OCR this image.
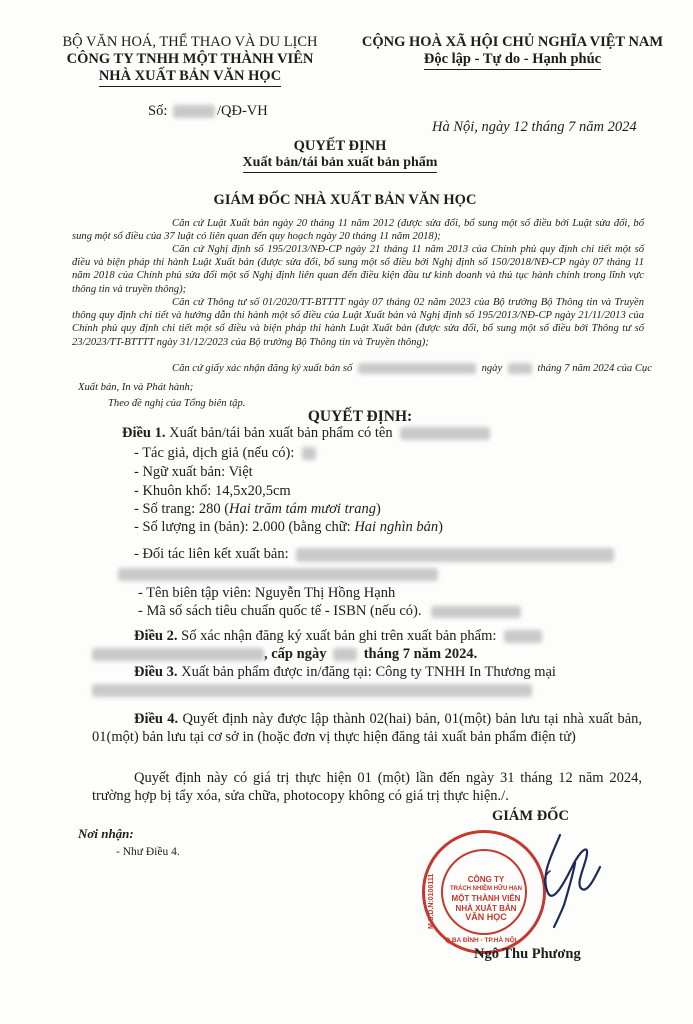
BỘ VĂN HOÁ, THỂ THAO VÀ DU LỊCH
CÔNG TY TNHH MỘT THÀNH VIÊN
NHÀ XUẤT BẢN VĂN HỌC
CỘNG HOÀ XÃ HỘI CHỦ NGHĨA VIỆT NAM
Độc lập - Tự do - Hạnh phúc
Số:	/QĐ-VH
Hà Nội, ngày 12 tháng 7 năm 2024
QUYẾT ĐỊNH
Xuất bản/tái bản xuất bản phẩm
GIÁM ĐỐC NHÀ XUẤT BẢN VĂN HỌC
Căn cứ Luật Xuất bản ngày 20 tháng 11 năm 2012 (được sửa đổi, bổ sung một số điều bởi Luật sửa đổi, bổ sung một số điều của 37 luật có liên quan đến quy hoạch ngày 20 tháng 11 năm 2018);
Căn cứ Nghị định số 195/2013/NĐ-CP ngày 21 tháng 11 năm 2013 của Chính phủ quy định chi tiết một số điều và biện pháp thi hành Luật Xuất bản (được sửa đổi, bổ sung một số điều bởi Nghị định số 150/2018/NĐ-CP ngày 07 tháng 11 năm 2018 của Chính phủ sửa đổi một số Nghị định liên quan đến điều kiện đầu tư kinh doanh và thủ tục hành chính trong lĩnh vực thông tin và truyền thông);
Căn cứ Thông tư số 01/2020/TT-BTTTT ngày 07 tháng 02 năm 2023 của Bộ trưởng Bộ Thông tin và Truyền thông quy định chi tiết và hướng dẫn thi hành một số điều của Luật Xuất bản và Nghị định số 195/2013/NĐ-CP ngày 21/11/2013 của Chính phủ quy định chi tiết một số điều và biện pháp thi hành Luật Xuất bản (được sửa đổi, bổ sung một số điều bởi Thông tư số 23/2023/TT-BTTTT ngày 31/12/2023 của Bộ trưởng Bộ Thông tin và Truyền thông);
Căn cứ giấy xác nhận đăng ký xuất bản số	ngày	tháng 7 năm 2024 của Cục
Xuất bản, In và Phát hành;
Theo đề nghị của Tổng biên tập.
QUYẾT ĐỊNH:
Điều 1. Xuất bản/tái bản xuất bản phẩm có tên
- Tác giả, dịch giả (nếu có):
- Ngữ xuất bản: Việt
- Khuôn khổ: 14,5x20,5cm
- Số trang: 280 (Hai trăm tám mươi trang)
- Số lượng in (bản): 2.000 (bằng chữ: Hai nghìn bản)
- Đối tác liên kết xuất bản:
- Tên biên tập viên: Nguyễn Thị Hồng Hạnh
- Mã số sách tiêu chuẩn quốc tế - ISBN (nếu có).
Điều 2. Số xác nhận đăng ký xuất bản ghi trên xuất bản phẩm:
, cấp ngày	tháng 7 năm 2024.
Điều 3. Xuất bản phẩm được in/đăng tại: Công ty TNHH In Thương mại
Điều 4. Quyết định này được lập thành 02(hai) bản, 01(một) bản lưu tại nhà xuất bản, 01(một) bản lưu tại cơ sở in (hoặc đơn vị thực hiện đăng tải xuất bản phẩm điện tử)
Quyết định này có giá trị thực hiện 01 (một) lần đến ngày 31 tháng 12 năm 2024, trường hợp bị tẩy xóa, sửa chữa, photocopy không có giá trị thực hiện./.
Nơi nhận:
- Như Điều 4.
GIÁM ĐỐC
CÔNG TY
TRÁCH NHIỆM HỮU HẠN
MỘT THÀNH VIÊN
NHÀ XUẤT BẢN
VĂN HỌC
M.S.D.N:0100111
Q.BA ĐÌNH - TP.HÀ NỘI
Ngô Thu Phương
